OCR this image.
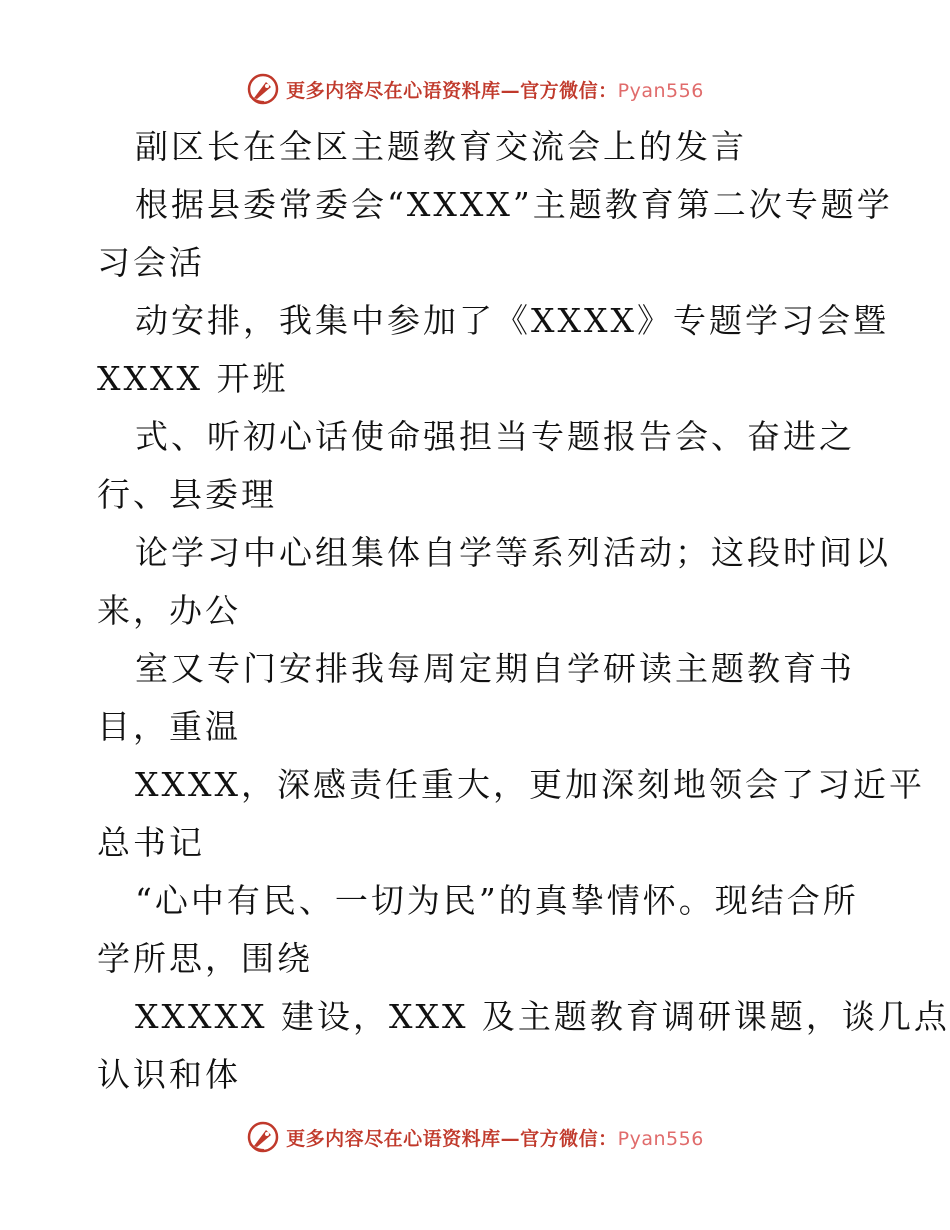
更多内容尽在心语资料库—官方微信：Pyan556
副区长在全区主题教育交流会上的发言
根据县委常委会“XXXX”主题教育第二次专题学
习会活
动安排，我集中参加了《XXXX》专题学习会暨
XXXX 开班
式、听初心话使命强担当专题报告会、奋进之
行、县委理
论学习中心组集体自学等系列活动；这段时间以
来，办公
室又专门安排我每周定期自学研读主题教育书
目，重温
XXXX，深感责任重大，更加深刻地领会了习近平
总书记
“心中有民、一切为民”的真挚情怀。现结合所
学所思，围绕
XXXXX 建设，XXX 及主题教育调研课题，谈几点
认识和体
更多内容尽在心语资料库—官方微信：Pyan556
